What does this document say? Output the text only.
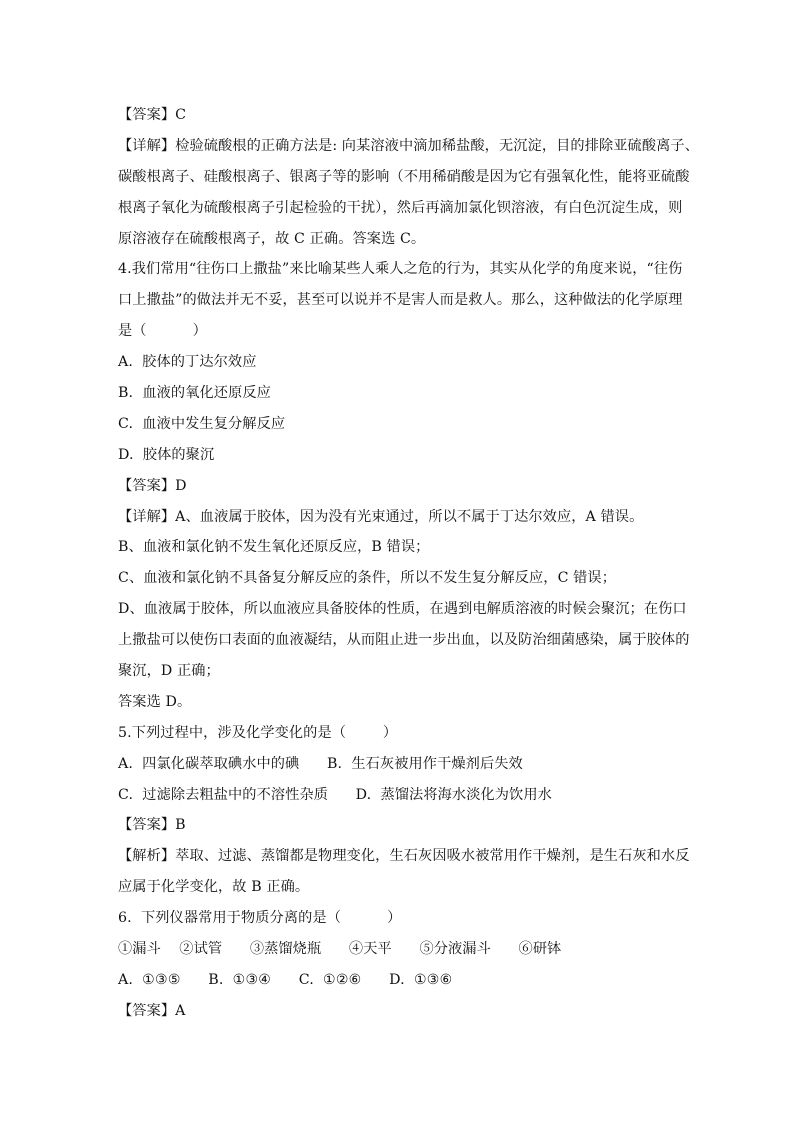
【答案】C
【详解】检验硫酸根的正确方法是: 向某溶液中滴加稀盐酸，无沉淀，目的排除亚硫酸离子、
碳酸根离子、硅酸根离子、银离子等的影响（不用稀硝酸是因为它有强氧化性，能将亚硫酸
根离子氧化为硫酸根离子引起检验的干扰），然后再滴加氯化钡溶液，有白色沉淀生成，则
原溶液存在硫酸根离子，故 C 正确。答案选 C。
4.我们常用“往伤口上撒盐”来比喻某些人乘人之危的行为，其实从化学的角度来说，“往伤
口上撒盐”的做法并无不妥，甚至可以说并不是害人而是救人。那么，这种做法的化学原理
是（          ）
A.  胶体的丁达尔效应
B.  血液的氧化还原反应
C.  血液中发生复分解反应
D.  胶体的聚沉
【答案】D
【详解】A、血液属于胶体，因为没有光束通过，所以不属于丁达尔效应，A 错误。
B、血液和氯化钠不发生氧化还原反应，B 错误；
C、血液和氯化钠不具备复分解反应的条件，所以不发生复分解反应，C 错误；
D、血液属于胶体，所以血液应具备胶体的性质，在遇到电解质溶液的时候会聚沉；在伤口
上撒盐可以使伤口表面的血液凝结，从而阻止进一步出血，以及防治细菌感染，属于胶体的
聚沉，D 正确；
答案选 D。
5.下列过程中，涉及化学变化的是（        ）
A.  四氯化碳萃取碘水中的碘      B.  生石灰被用作干燥剂后失效
C.  过滤除去粗盐中的不溶性杂质      D.  蒸馏法将海水淡化为饮用水
【答案】B
【解析】萃取、过滤、蒸馏都是物理变化，生石灰因吸水被常用作干燥剂，是生石灰和水反
应属于化学变化，故 B 正确。
6.  下列仪器常用于物质分离的是（          ）
①漏斗    ②试管      ③蒸馏烧瓶      ④天平      ⑤分液漏斗      ⑥研钵
A.  ①③⑤      B.  ①③④      C.  ①②⑥      D.  ①③⑥
【答案】A
